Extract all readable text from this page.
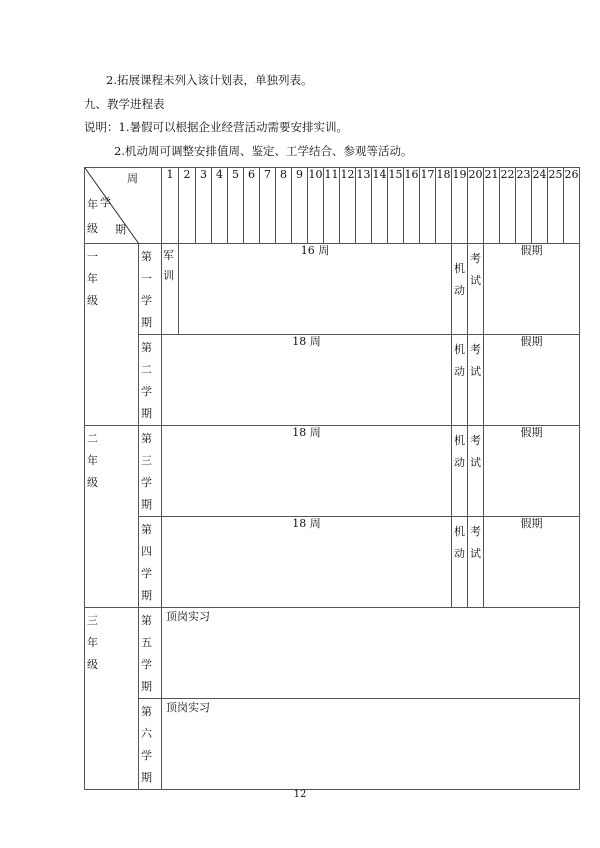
2.拓展课程未列入该计划表，单独列表。
九、教学进程表
说明：1.暑假可以根据企业经营活动需要安排实训。
2.机动周可调整安排值周、鉴定、工学结合、参观等活动。
周
学
年
级 期		1	2	3	4	5	6	7	8	9	10	11	12	13	14	15	16	17	18	19	20	21	22	23	24	25	26

一年级	第一学期	军训	16 周																	机动	考试	假期					

	第二学期	18 周																		机动	考试	假期					

二年级	第三学期	18 周																		机动	考试	假期					

	第四学期	18 周																		机动	考试	假期					

三年级	第五学期	顶岗实习																									

	第六学期	顶岗实习																									
12
